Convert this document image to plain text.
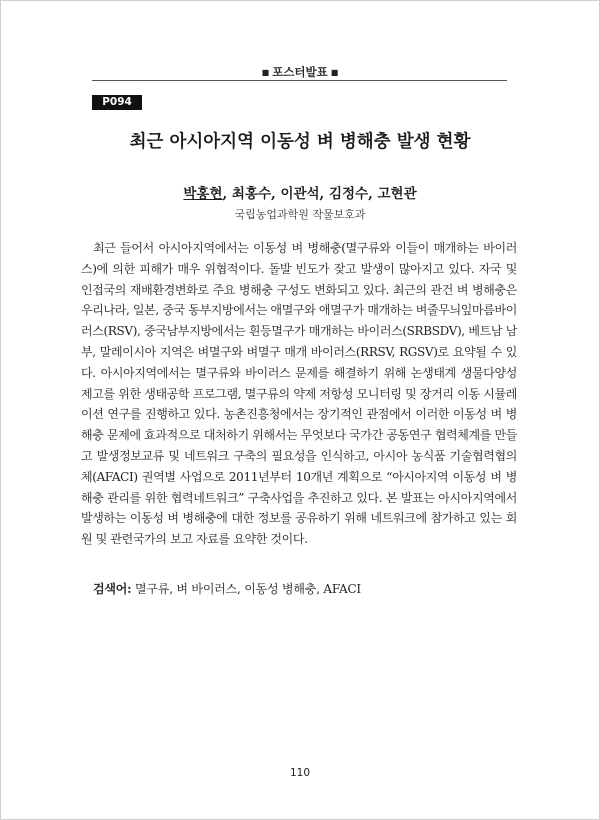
■ 포스터발표 ■
P094
최근 아시아지역 이동성 벼 병해충 발생 현황
박홍현, 최홍수, 이관석, 김정수, 고현관
국립농업과학원 작물보호과

최근 들어서 아시아지역에서는 이동성 벼 병해충(멸구류와 이들이 매개하는 바이러스)에 의한 피해가 매우 위협적이다. 돌발 빈도가 잦고 발생이 많아지고 있다. 자국 및 인접국의 재배환경변화로 주요 병해충 구성도 변화되고 있다. 최근의 관건 벼 병해충은 우리나라, 일본, 중국 동부지방에서는 애멸구와 애멸구가 매개하는 벼줄무늬잎마름바이러스(RSV), 중국남부지방에서는 흰등멸구가 매개하는 바이러스(SRBSDV), 베트남 남부, 말레이시아 지역은 벼멸구와 벼멸구 매개 바이러스(RRSV, RGSV)로 요약될 수 있다. 아시아지역에서는 멸구류와 바이러스 문제를 해결하기 위해 논생태계 생물다양성 제고를 위한 생태공학 프로그램, 멸구류의 약제 저항성 모니터링 및 장거리 이동 시뮬레이션 연구를 진행하고 있다. 농촌진흥청에서는 장기적인 관점에서 이러한 이동성 벼 병해충 문제에 효과적으로 대처하기 위해서는 무엇보다 국가간 공동연구 협력체계를 만들고 발생정보교류 및 네트워크 구축의 필요성을 인식하고, 아시아 농식품 기술협력협의체(AFACI) 권역별 사업으로 2011년부터 10개년 계획으로 “아시아지역 이동성 벼 병해충 관리를 위한 협력네트워크” 구축사업을 추진하고 있다. 본 발표는 아시아지역에서 발생하는 이동성 벼 병해충에 대한 정보를 공유하기 위해 네트워크에 참가하고 있는 회원 및 관련국가의 보고 자료를 요약한 것이다.

검색어: 멸구류, 벼 바이러스, 이동성 병해충, AFACI
110
